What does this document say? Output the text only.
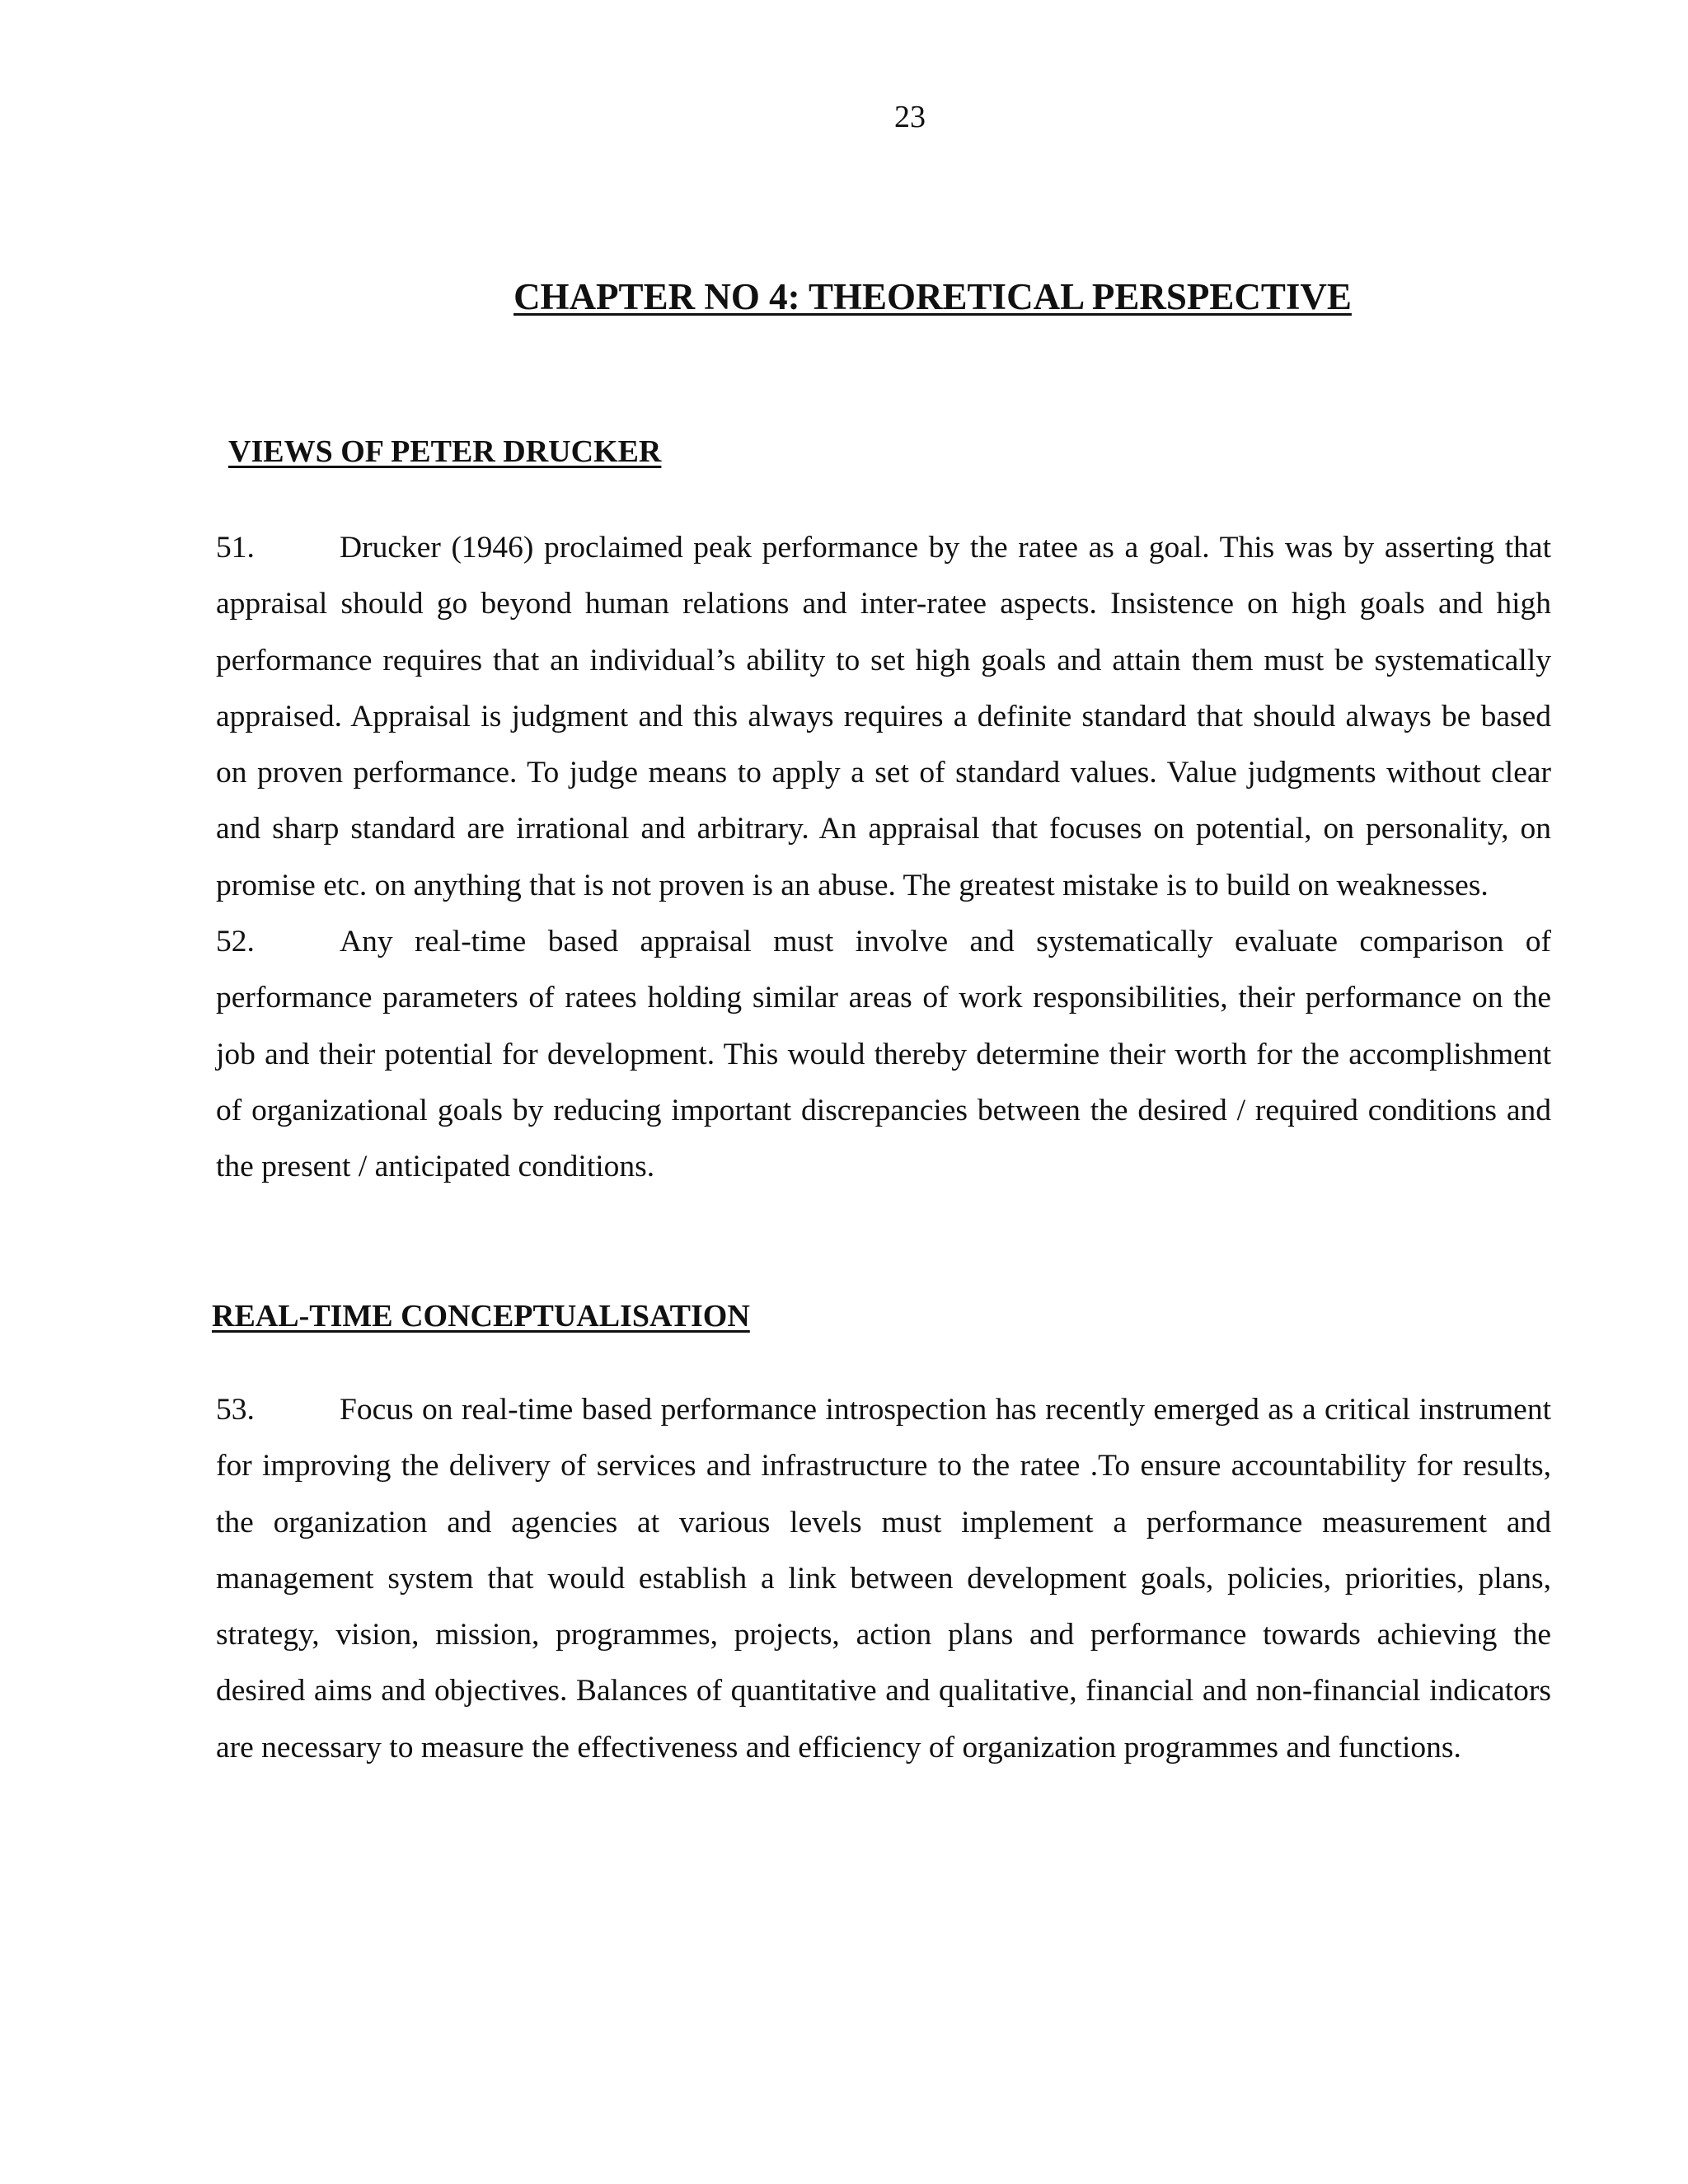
23
CHAPTER NO 4: THEORETICAL PERSPECTIVE
VIEWS OF PETER DRUCKER

51.	Drucker (1946) proclaimed peak performance by the ratee as a goal. This was by asserting that appraisal should go beyond human relations and inter-ratee aspects. Insistence on high goals and high performance requires that an individual’s ability to set high goals and attain them must be systematically appraised. Appraisal is judgment and this always requires a definite standard that should always be based on proven performance. To judge means to apply a set of standard values. Value judgments without clear and sharp standard are irrational and arbitrary. An appraisal that focuses on potential, on personality, on promise etc. on anything that is not proven is an abuse. The greatest mistake is to build on weaknesses.

52.	Any real-time based appraisal must involve and systematically evaluate comparison of performance parameters of ratees holding similar areas of work responsibilities, their performance on the job and their potential for development. This would thereby determine their worth for the accomplishment of organizational goals by reducing important discrepancies between the desired / required conditions and the present / anticipated conditions.

REAL-TIME CONCEPTUALISATION

53.	Focus on real-time based performance introspection has recently emerged as a critical instrument for improving the delivery of services and infrastructure to the ratee .To ensure accountability for results, the organization and agencies at various levels must implement a performance measurement and management system that would establish a link between development goals, policies, priorities, plans, strategy, vision, mission, programmes, projects, action plans and performance towards achieving the desired aims and objectives. Balances of quantitative and qualitative, financial and non-financial indicators are necessary to measure the effectiveness and efficiency of organization programmes and functions.
